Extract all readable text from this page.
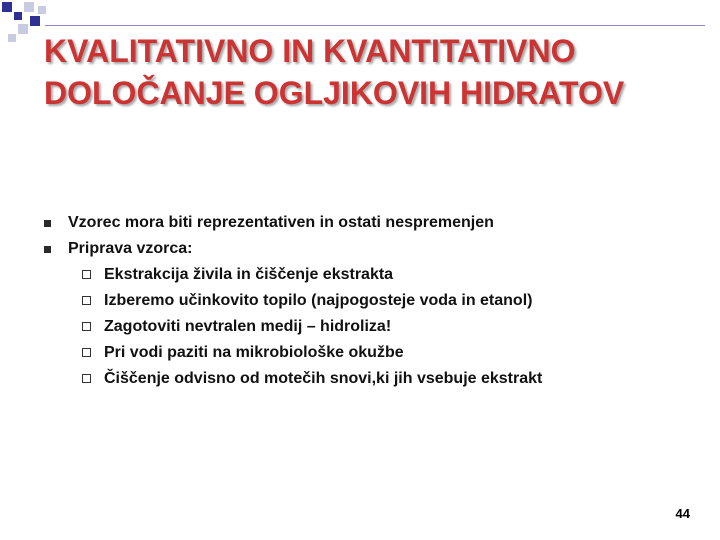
KVALITATIVNO IN KVANTITATIVNO DOLOČANJE OGLJIKOVIH HIDRATOV
Vzorec mora biti reprezentativen in ostati nespremenjen
Priprava vzorca:
Ekstrakcija živila in čiščenje ekstrakta
Izberemo učinkovito topilo (najpogosteje voda in etanol)
Zagotoviti nevtralen medij – hidroliza!
Pri vodi paziti na mikrobiološke okužbe
Čiščenje odvisno od motečih snovi,ki jih vsebuje ekstrakt
44
